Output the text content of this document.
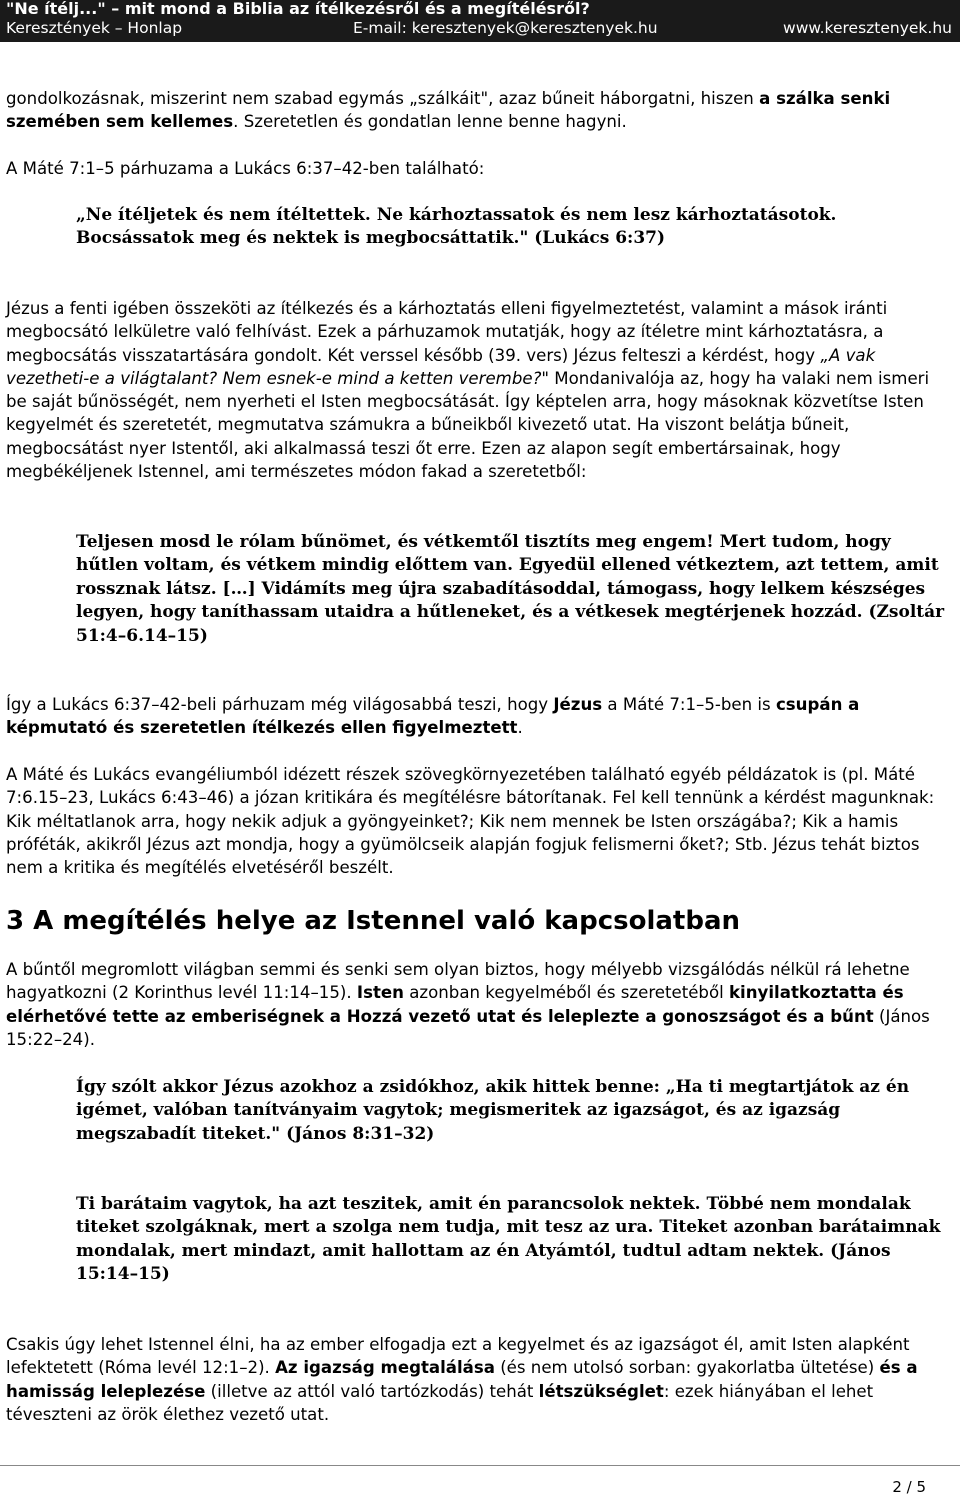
"Ne ítélj..." – mit mond a Biblia az ítélkezésről és a megítélésről?
Keresztények – Honlap	E-mail: keresztenyek@keresztenyek.hu	www.keresztenyek.hu

gondolkozásnak, miszerint nem szabad egymás „szálkáit", azaz bűneit háborgatni, hiszen a szálka senki szemében sem kellemes. Szeretetlen és gondatlan lenne benne hagyni.

A Máté 7:1–5 párhuzama a Lukács 6:37–42-ben található:

„Ne ítéljetek és nem ítéltettek. Ne kárhoztassatok és nem lesz kárhoztatásotok. Bocsássatok meg és nektek is megbocsáttatik." (Lukács 6:37)

Jézus a fenti igében összeköti az ítélkezés és a kárhoztatás elleni figyelmeztetést, valamint a mások iránti megbocsátó lelkületre való felhívást. Ezek a párhuzamok mutatják, hogy az ítéletre mint kárhoztatásra, a megbocsátás visszatartására gondolt. Két verssel később (39. vers) Jézus felteszi a kérdést, hogy „A vak vezetheti-e a világtalant? Nem esnek-e mind a ketten verembe?" Mondanivalója az, hogy ha valaki nem ismeri be saját bűnösségét, nem nyerheti el Isten megbocsátását. Így képtelen arra, hogy másoknak közvetítse Isten kegyelmét és szeretetét, megmutatva számukra a bűneikből kivezető utat. Ha viszont belátja bűneit, megbocsátást nyer Istentől, aki alkalmassá teszi őt erre. Ezen az alapon segít embertársainak, hogy megbékéljenek Istennel, ami természetes módon fakad a szeretetből:

Teljesen mosd le rólam bűnömet, és vétkemtől tisztíts meg engem! Mert tudom, hogy hűtlen voltam, és vétkem mindig előttem van. Egyedül ellened vétkeztem, azt tettem, amit rossznak látsz. […] Vidámíts meg újra szabadításoddal, támogass, hogy lelkem készséges legyen, hogy taníthassam utaidra a hűtleneket, és a vétkesek megtérjenek hozzád. (Zsoltár 51:4–6.14–15)

Így a Lukács 6:37–42-beli párhuzam még világosabbá teszi, hogy Jézus a Máté 7:1–5-ben is csupán a képmutató és szeretetlen ítélkezés ellen figyelmeztett.

A Máté és Lukács evangéliumból idézett részek szövegkörnyezetében található egyéb példázatok is (pl. Máté 7:6.15–23, Lukács 6:43–46) a józan kritikára és megítélésre bátorítanak. Fel kell tennünk a kérdést magunknak: Kik méltatlanok arra, hogy nekik adjuk a gyöngyeinket?; Kik nem mennek be Isten országába?; Kik a hamis próféták, akikről Jézus azt mondja, hogy a gyümölcseik alapján fogjuk felismerni őket?; Stb. Jézus tehát biztos nem a kritika és megítélés elvetéséről beszélt.

3 A megítélés helye az Istennel való kapcsolatban

A bűntől megromlott világban semmi és senki sem olyan biztos, hogy mélyebb vizsgálódás nélkül rá lehetne hagyatkozni (2 Korinthus levél 11:14–15). Isten azonban kegyelméből és szeretetéből kinyilatkoztatta és elérhetővé tette az emberiségnek a Hozzá vezető utat és leleplezte a gonoszságot és a bűnt (János 15:22–24).

Így szólt akkor Jézus azokhoz a zsidókhoz, akik hittek benne: „Ha ti megtartjátok az én igémet, valóban tanítványaim vagytok; megismeritek az igazságot, és az igazság megszabadít titeket." (János 8:31–32)

Ti barátaim vagytok, ha azt teszitek, amit én parancsolok nektek. Többé nem mondalak titeket szolgáknak, mert a szolga nem tudja, mit tesz az ura. Titeket azonban barátaimnak mondalak, mert mindazt, amit hallottam az én Atyámtól, tudtul adtam nektek. (János 15:14–15)

Csakis úgy lehet Istennel élni, ha az ember elfogadja ezt a kegyelmet és az igazságot él, amit Isten alapként lefektetett (Róma levél 12:1–2). Az igazság megtalálása (és nem utolsó sorban: gyakorlatba ültetése) és a hamisság leleplezése (illetve az attól való tartózkodás) tehát létszükséglet: ezek hiányában el lehet téveszteni az örök élethez vezető utat.

2 / 5
